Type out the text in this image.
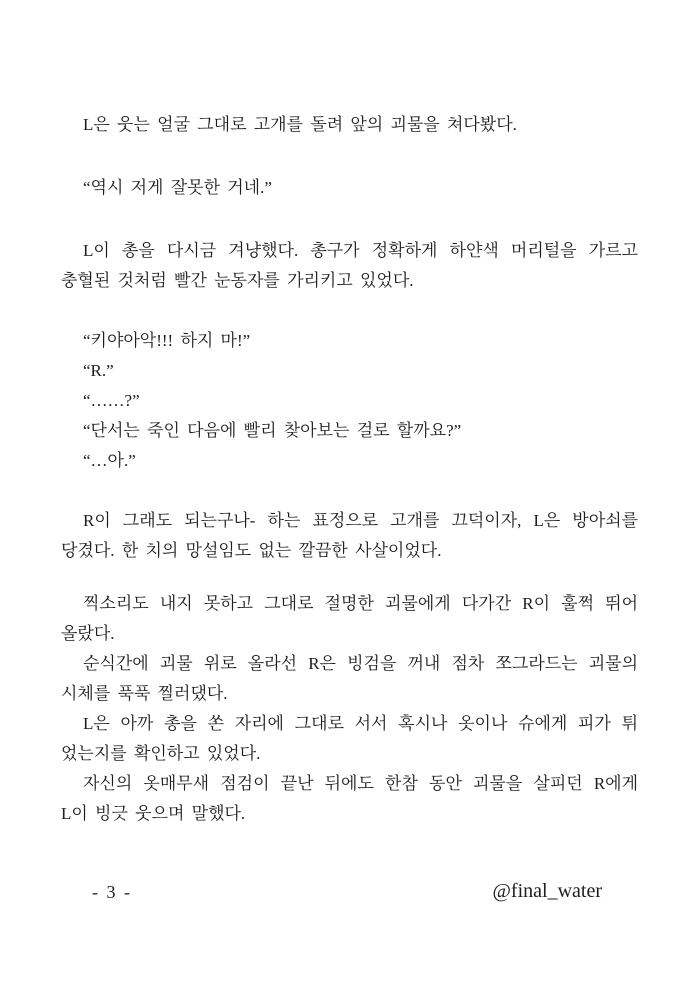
L은 웃는 얼굴 그대로 고개를 돌려 앞의 괴물을 쳐다봤다.
“역시 저게 잘못한 거네.”
L이 총을 다시금 겨냥했다. 총구가 정확하게 하얀색 머리털을 가르고
충혈된 것처럼 빨간 눈동자를 가리키고 있었다.
“키야아악!!! 하지 마!”
“R.”
“……?”
“단서는 죽인 다음에 빨리 찾아보는 걸로 할까요?”
“…아.”
R이 그래도 되는구나- 하는 표정으로 고개를 끄덕이자, L은 방아쇠를
당겼다. 한 치의 망설임도 없는 깔끔한 사살이었다.
찍소리도 내지 못하고 그대로 절명한 괴물에게 다가간 R이 훌쩍 뛰어
올랐다.
순식간에 괴물 위로 올라선 R은 빙검을 꺼내 점차 쪼그라드는 괴물의
시체를 푹푹 찔러댔다.
L은 아까 총을 쏜 자리에 그대로 서서 혹시나 옷이나 슈에게 피가 튀
었는지를 확인하고 있었다.
자신의 옷매무새 점검이 끝난 뒤에도 한참 동안 괴물을 살피던 R에게
L이 빙긋 웃으며 말했다.
- 3 -	@final_water
